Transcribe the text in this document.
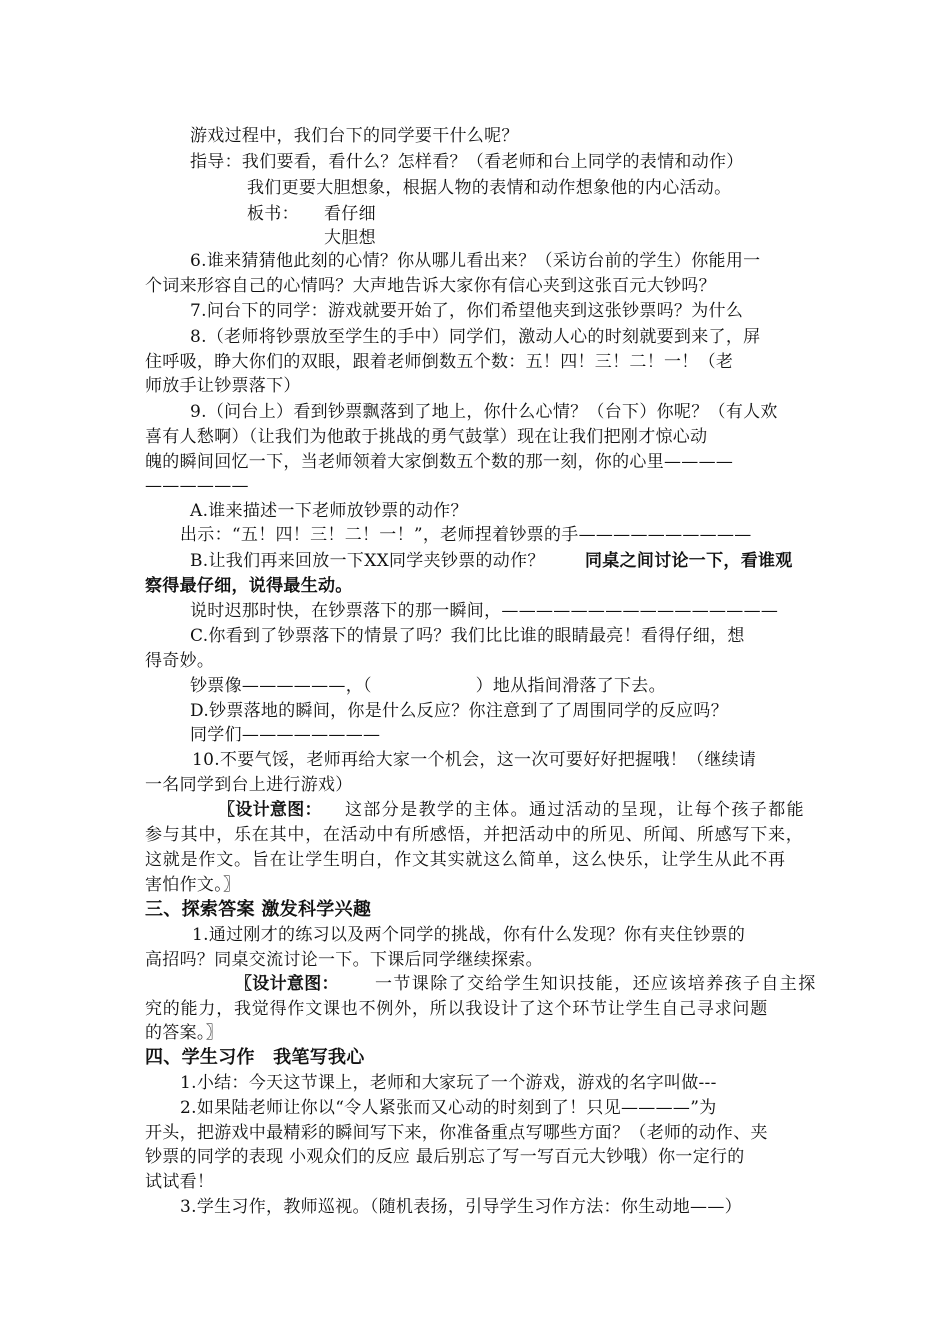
游戏过程中，我们台下的同学要干什么呢？
指导：我们要看，看什么？怎样看？（看老师和台上同学的表情和动作）
我们更要大胆想象，根据人物的表情和动作想象他的内心活动。
板书： 看仔细
大胆想
6.谁来猜猜他此刻的心情？你从哪儿看出来？（采访台前的学生）你能用一
个词来形容自己的心情吗？大声地告诉大家你有信心夹到这张百元大钞吗？
7.问台下的同学：游戏就要开始了，你们希望他夹到这张钞票吗？为什么
8.（老师将钞票放至学生的手中）同学们，激动人心的时刻就要到来了，屏
住呼吸，睁大你们的双眼，跟着老师倒数五个数：五！四！三！二！一！（老
师放手让钞票落下）
9.（问台上）看到钞票飘落到了地上，你什么心情？（台下）你呢？（有人欢
喜有人愁啊）（让我们为他敢于挑战的勇气鼓掌）现在让我们把刚才惊心动
魄的瞬间回忆一下，当老师领着大家倒数五个数的那一刻，你的心里————
——————
A.谁来描述一下老师放钞票的动作？
出示：“五！四！三！二！一！”，老师捏着钞票的手——————————
B.让我们再来回放一下XX同学夹钞票的动作？ 同桌之间讨论一下，看谁观
察得最仔细，说得最生动。
说时迟那时快，在钞票落下的那一瞬间，————————————————
C.你看到了钞票落下的情景了吗？我们比比谁的眼睛最亮！看得仔细，想
得奇妙。
钞票像——————，（　　　　　　）地从指间滑落了下去。
D.钞票落地的瞬间，你是什么反应？你注意到了了周围同学的反应吗？
同学们————————
10.不要气馁，老师再给大家一个机会，这一次可要好好把握哦！（继续请
一名同学到台上进行游戏）
〖设计意图： 这部分是教学的主体。通过活动的呈现，让每个孩子都能
参与其中，乐在其中，在活动中有所感悟，并把活动中的所见、所闻、所感写下来，
这就是作文。旨在让学生明白，作文其实就这么简单，这么快乐，让学生从此不再
害怕作文。〗
三、探索答案 激发科学兴趣
1.通过刚才的练习以及两个同学的挑战，你有什么发现？你有夹住钞票的
高招吗？同桌交流讨论一下。下课后同学继续探索。
〖设计意图： 一节课除了交给学生知识技能，还应该培养孩子自主探
究的能力，我觉得作文课也不例外，所以我设计了这个环节让学生自己寻求问题
的答案。〗
四、学生习作　我笔写我心
1.小结：今天这节课上，老师和大家玩了一个游戏，游戏的名字叫做---
2.如果陆老师让你以“令人紧张而又心动的时刻到了！只见————”为
开头，把游戏中最精彩的瞬间写下来，你准备重点写哪些方面？（老师的动作、夹
钞票的同学的表现 小观众们的反应 最后别忘了写一写百元大钞哦）你一定行的
试试看！
3.学生习作，教师巡视。（随机表扬，引导学生习作方法：你生动地——）
